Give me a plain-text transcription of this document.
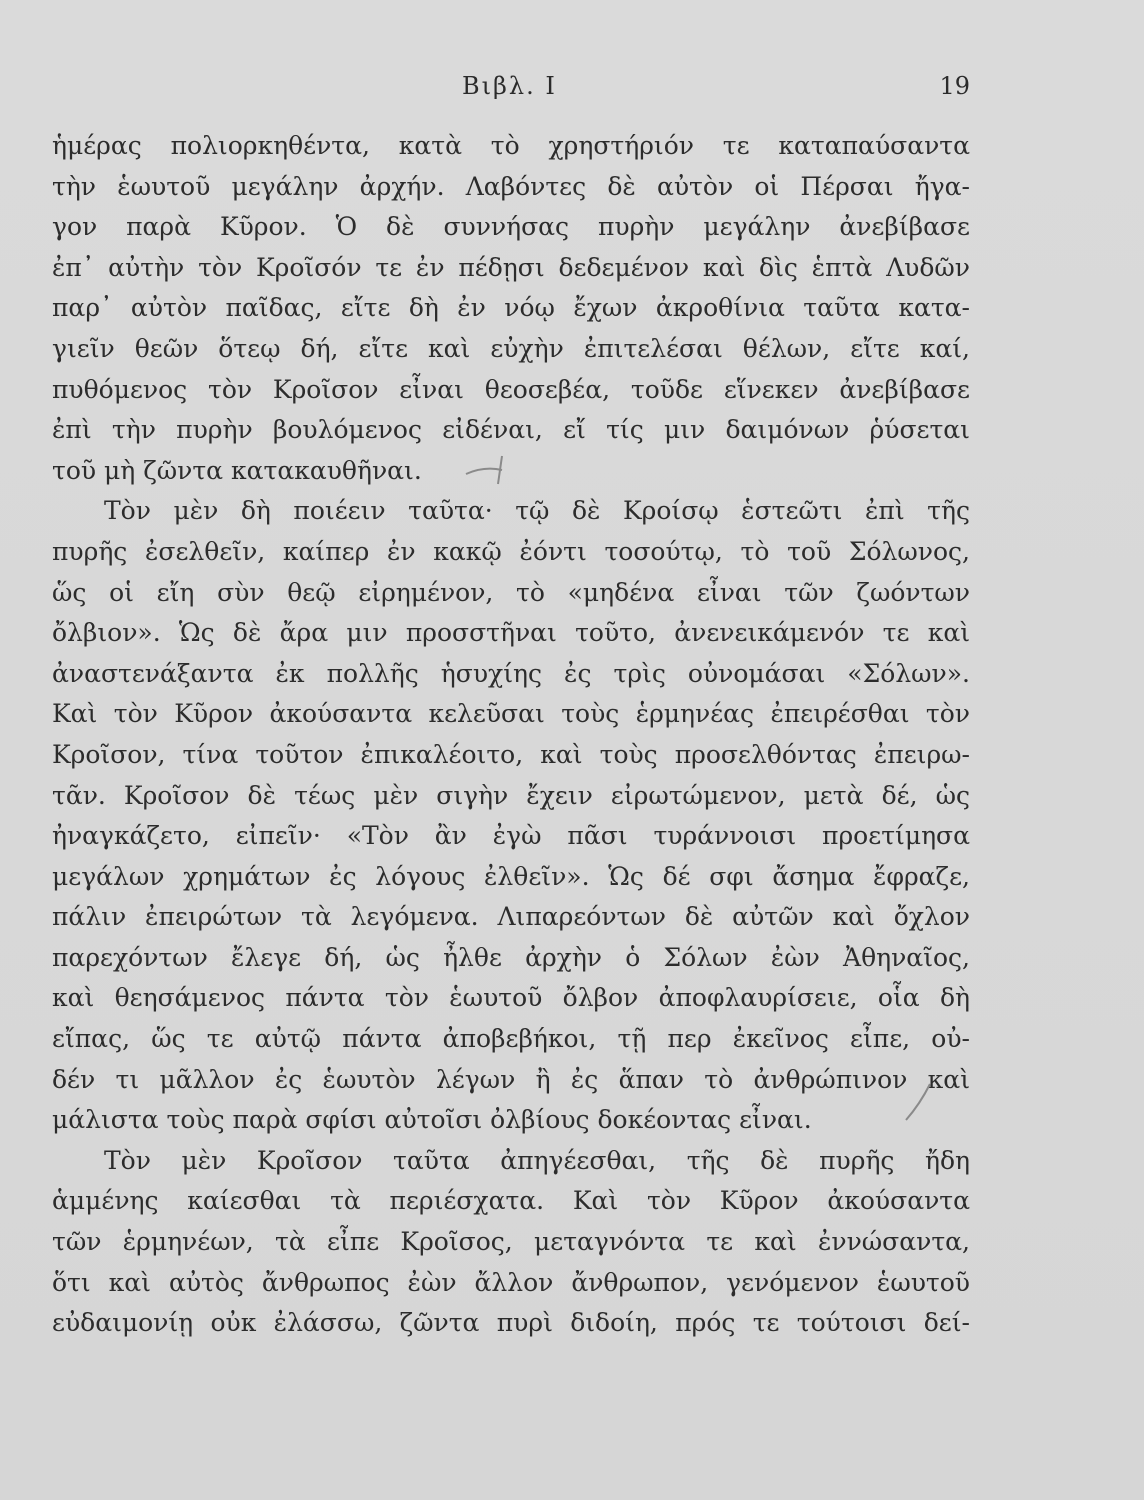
Βιβλ. Ι	19
ἡμέρας πολιορκηθέντα, κατὰ τὸ χρηστήριόν τε καταπαύσαντα
τὴν ἑωυτοῦ μεγάλην ἀρχήν. Λαβόντες δὲ αὐτὸν οἱ Πέρσαι ἤγα-
γον παρὰ Κῦρον. Ὁ δὲ συννήσας πυρὴν μεγάλην ἀνεβίβασε
ἐπ᾿ αὐτὴν τὸν Κροῖσόν τε ἐν πέδῃσι δεδεμένον καὶ δὶς ἑπτὰ Λυδῶν
παρ᾿ αὐτὸν παῖδας, εἴτε δὴ ἐν νόῳ ἔχων ἀκροθίνια ταῦτα κατα-
γιεῖν θεῶν ὅτεῳ δή, εἴτε καὶ εὐχὴν ἐπιτελέσαι θέλων, εἴτε καί,
πυθόμενος τὸν Κροῖσον εἶναι θεοσεβέα, τοῦδε εἵνεκεν ἀνεβίβασε
ἐπὶ τὴν πυρὴν βουλόμενος εἰδέναι, εἴ τίς μιν δαιμόνων ῥύσεται
τοῦ μὴ ζῶντα κατακαυθῆναι.
Τὸν μὲν δὴ ποιέειν ταῦτα· τῷ δὲ Κροίσῳ ἑστεῶτι ἐπὶ τῆς
πυρῆς ἐσελθεῖν, καίπερ ἐν κακῷ ἐόντι τοσούτῳ, τὸ τοῦ Σόλωνος,
ὥς οἱ εἴη σὺν θεῷ εἰρημένον, τὸ «μηδένα εἶναι τῶν ζωόντων
ὄλβιον». Ὡς δὲ ἄρα μιν προσστῆναι τοῦτο, ἀνενεικάμενόν τε καὶ
ἀναστενάξαντα ἐκ πολλῆς ἡσυχίης ἐς τρὶς οὐνομάσαι «Σόλων».
Καὶ τὸν Κῦρον ἀκούσαντα κελεῦσαι τοὺς ἑρμηνέας ἐπειρέσθαι τὸν
Κροῖσον, τίνα τοῦτον ἐπικαλέοιτο, καὶ τοὺς προσελθόντας ἐπειρω-
τᾶν. Κροῖσον δὲ τέως μὲν σιγὴν ἔχειν εἰρωτώμενον, μετὰ δέ, ὡς
ἠναγκάζετο, εἰπεῖν· «Τὸν ἂν ἐγὼ πᾶσι τυράννοισι προετίμησα
μεγάλων χρημάτων ἐς λόγους ἐλθεῖν». Ὡς δέ σφι ἄσημα ἔφραζε,
πάλιν ἐπειρώτων τὰ λεγόμενα. Λιπαρεόντων δὲ αὐτῶν καὶ ὄχλον
παρεχόντων ἔλεγε δή, ὡς ἦλθε ἀρχὴν ὁ Σόλων ἐὼν Ἀθηναῖος,
καὶ θεησάμενος πάντα τὸν ἑωυτοῦ ὄλβον ἀποφλαυρίσειε, οἷα δὴ
εἴπας, ὥς τε αὐτῷ πάντα ἀποβεβήκοι, τῇ περ ἐκεῖνος εἶπε, οὐ-
δέν τι μᾶλλον ἐς ἑωυτὸν λέγων ἢ ἐς ἅπαν τὸ ἀνθρώπινον καὶ
μάλιστα τοὺς παρὰ σφίσι αὐτοῖσι ὀλβίους δοκέοντας εἶναι.
Τὸν μὲν Κροῖσον ταῦτα ἀπηγέεσθαι, τῆς δὲ πυρῆς ἤδη
ἁμμένης καίεσθαι τὰ περιέσχατα. Καὶ τὸν Κῦρον ἀκούσαντα
τῶν ἑρμηνέων, τὰ εἶπε Κροῖσος, μεταγνόντα τε καὶ ἐννώσαντα,
ὅτι καὶ αὐτὸς ἄνθρωπος ἐὼν ἄλλον ἄνθρωπον, γενόμενον ἑωυτοῦ
εὐδαιμονίῃ οὐκ ἐλάσσω, ζῶντα πυρὶ διδοίη, πρός τε τούτοισι δεί-
